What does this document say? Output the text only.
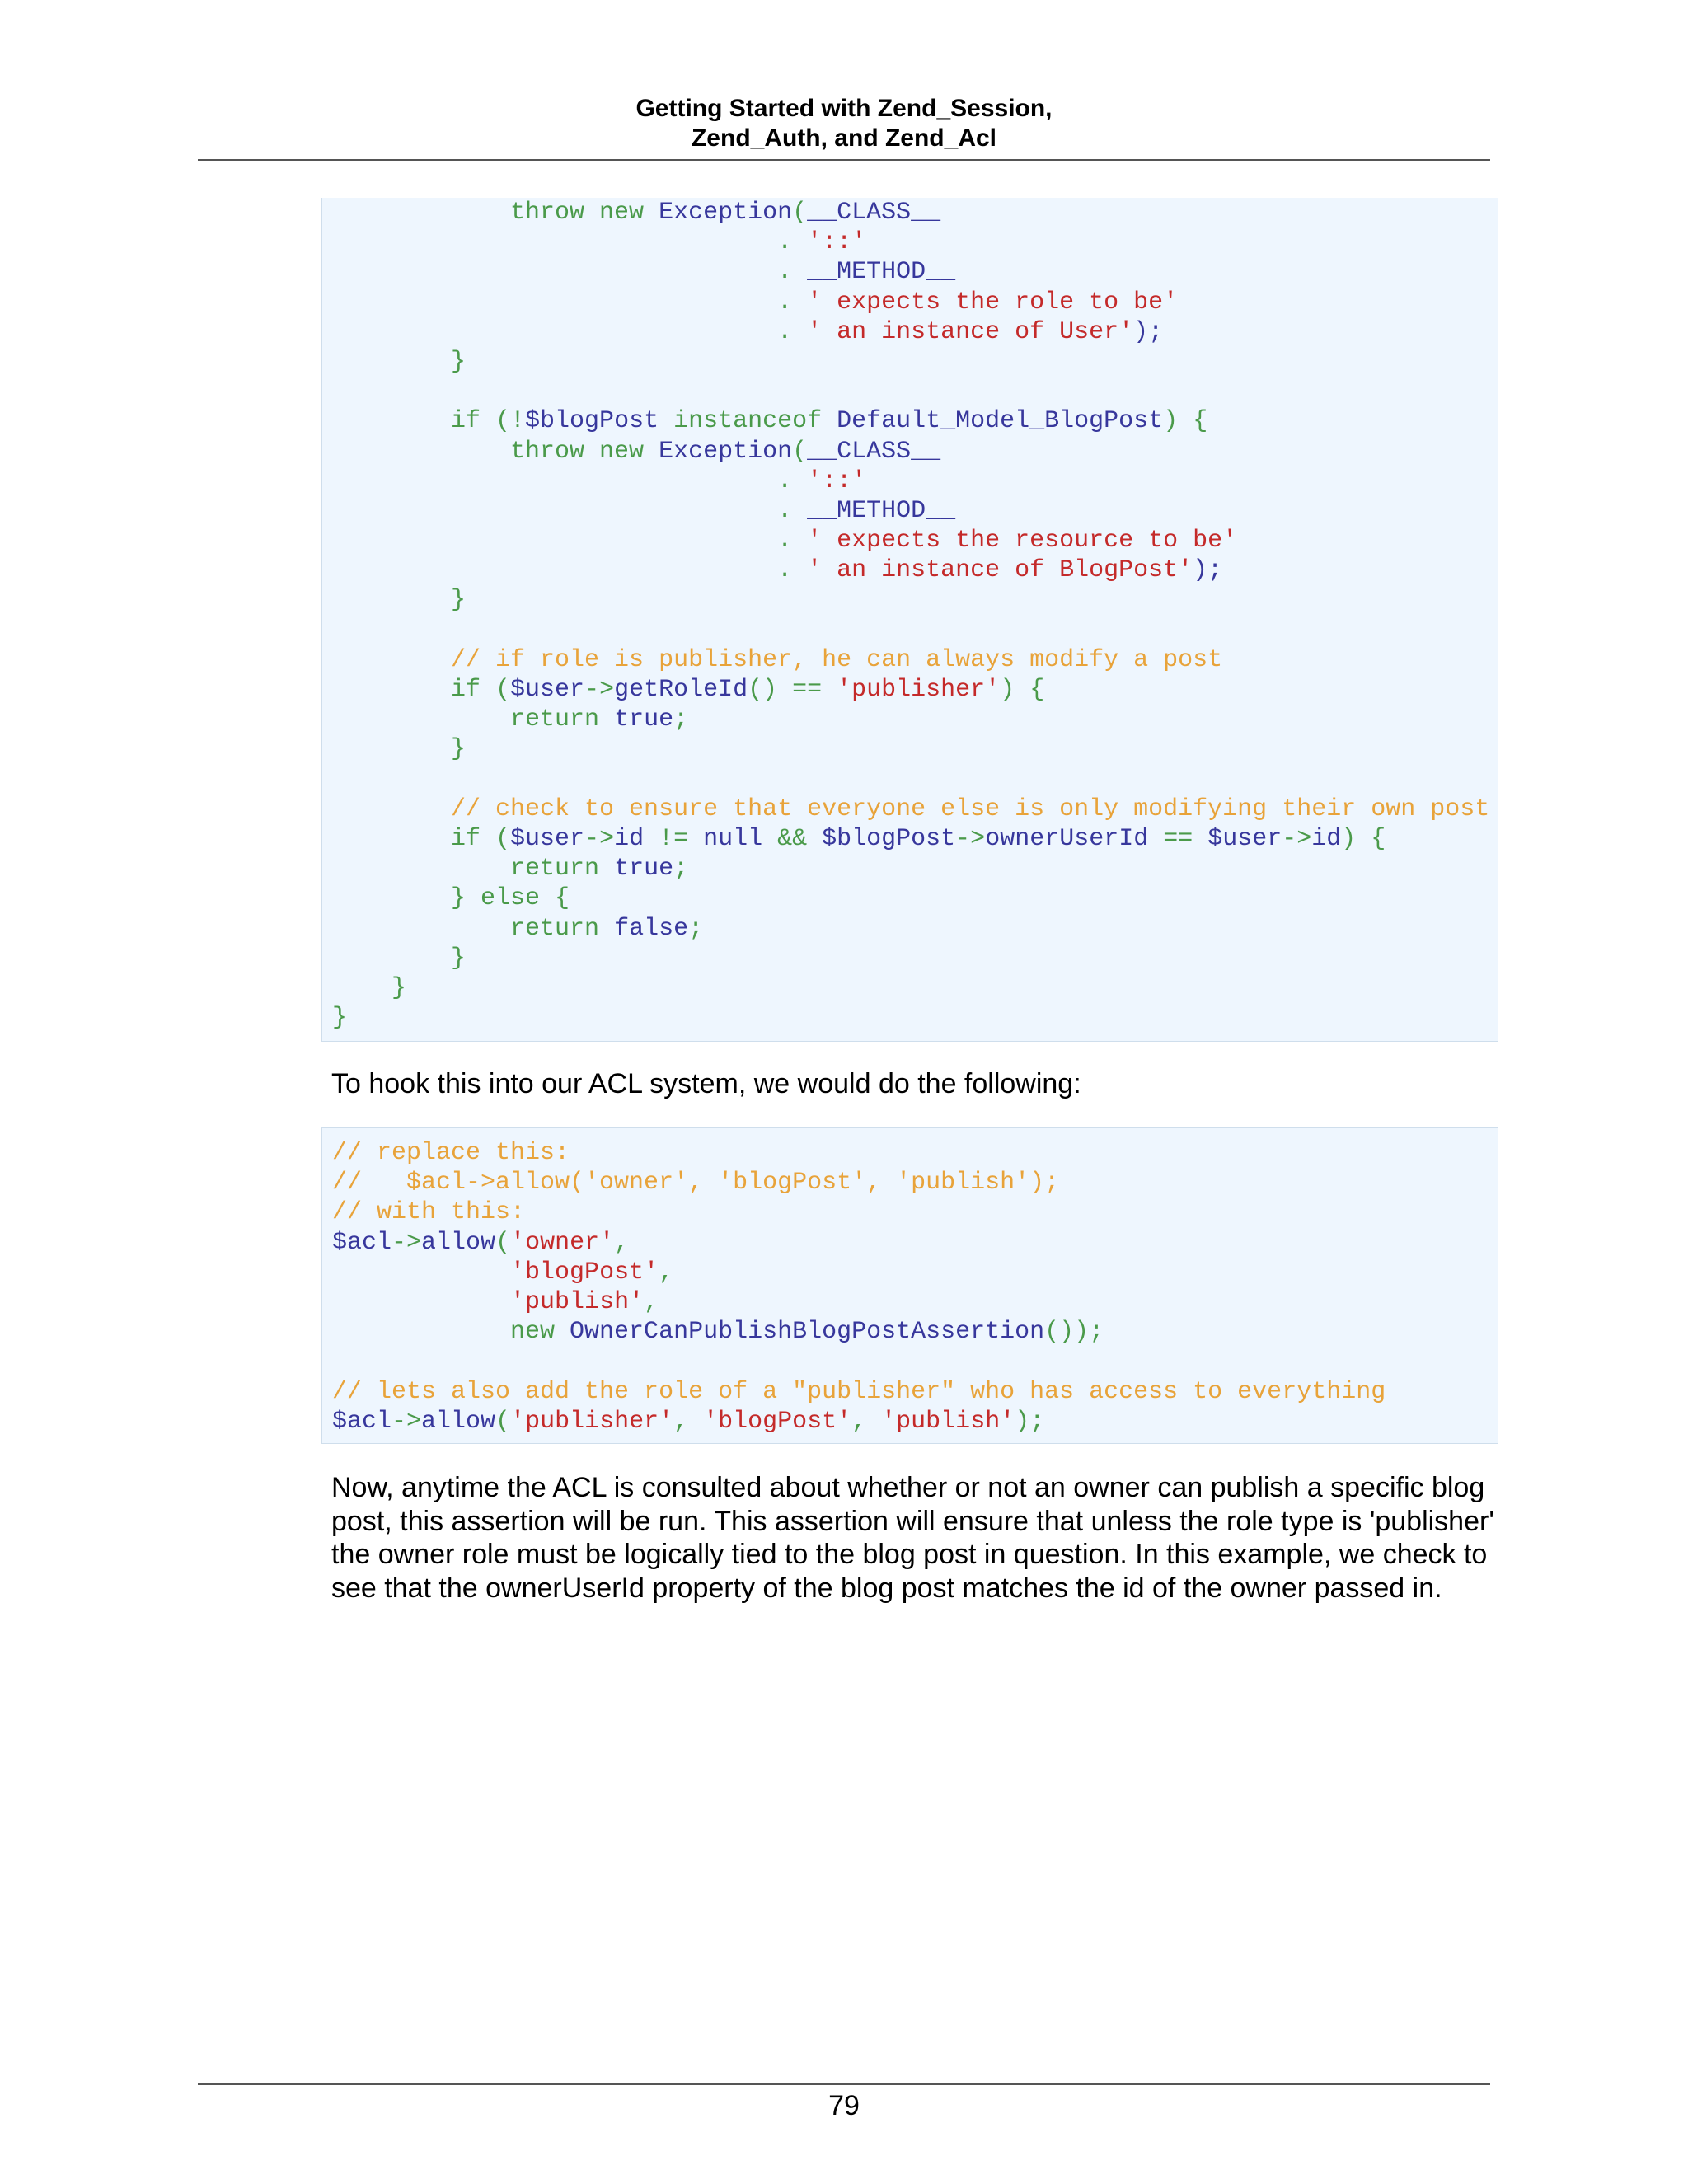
Getting Started with Zend_Session,
Zend_Auth, and Zend_Acl
throw new Exception(__CLASS__
. '::'
. __METHOD__
. ' expects the role to be'
. ' an instance of User');
}
if (!$blogPost instanceof Default_Model_BlogPost) {
throw new Exception(__CLASS__
. '::'
. __METHOD__
. ' expects the resource to be'
. ' an instance of BlogPost');
}
// if role is publisher, he can always modify a post
if ($user->getRoleId() == 'publisher') {
return true;
}
// check to ensure that everyone else is only modifying their own post
if ($user->id != null && $blogPost->ownerUserId == $user->id) {
return true;
} else {
return false;
}
}
}

To hook this into our ACL system, we would do the following:

// replace this:
//   $acl->allow('owner', 'blogPost', 'publish');
// with this:
$acl->allow('owner',
'blogPost',
'publish',
new OwnerCanPublishBlogPostAssertion());
// lets also add the role of a "publisher" who has access to everything
$acl->allow('publisher', 'blogPost', 'publish');

Now, anytime the ACL is consulted about whether or not an owner can publish a specific blog post, this assertion will be run. This assertion will ensure that unless the role type is 'publisher' the owner role must be logically tied to the blog post in question. In this example, we check to see that the ownerUserId property of the blog post matches the id of the owner passed in.

79
